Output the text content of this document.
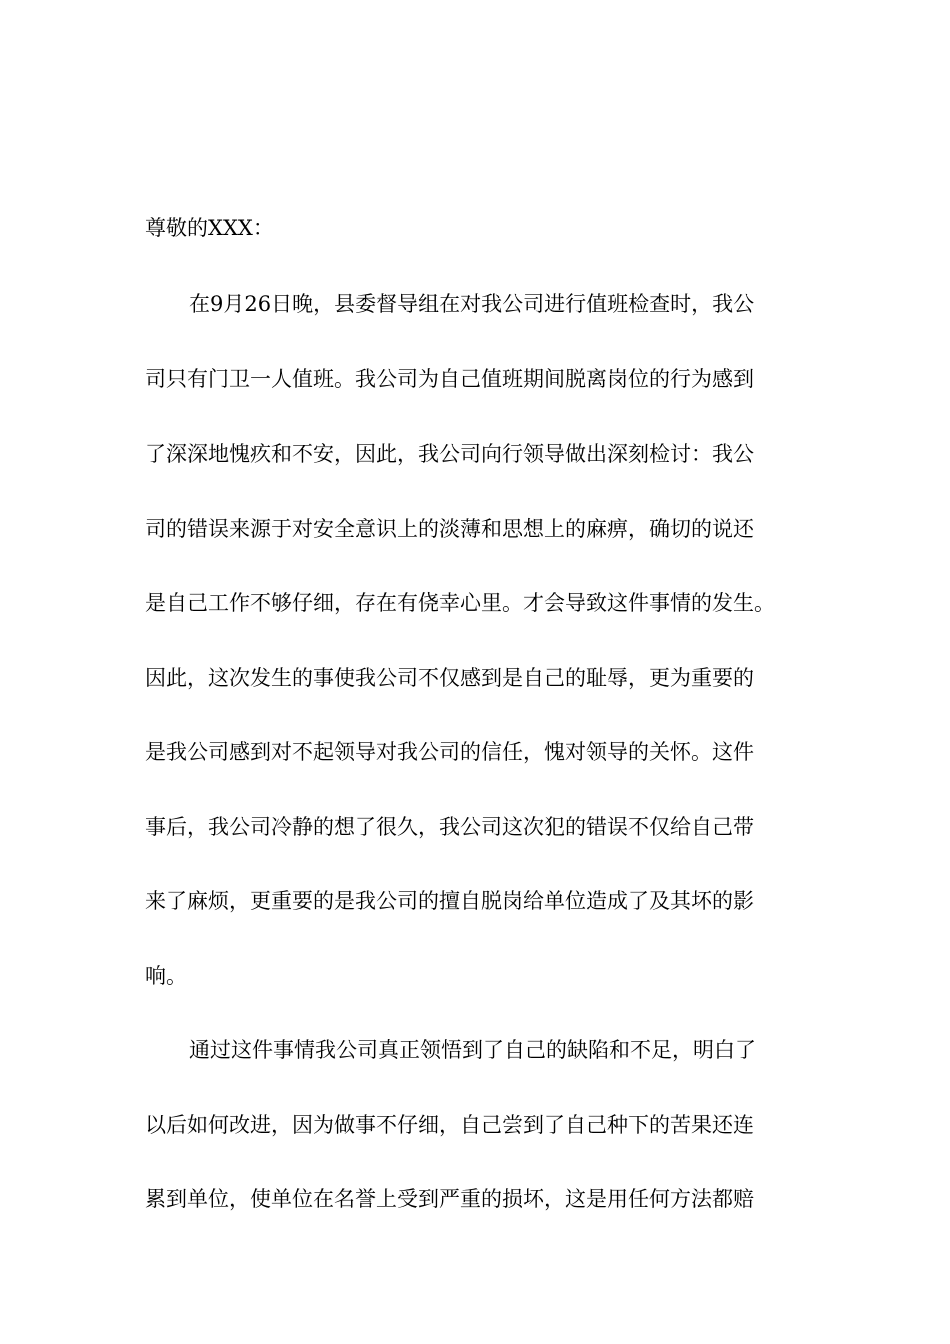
尊敬的XXX：
在9月26日晚，县委督导组在对我公司进行值班检查时，我公
司只有门卫一人值班。我公司为自己值班期间脱离岗位的行为感到
了深深地愧疚和不安，因此，我公司向行领导做出深刻检讨：我公
司的错误来源于对安全意识上的淡薄和思想上的麻痹，确切的说还
是自己工作不够仔细，存在有侥幸心里。才会导致这件事情的发生。
因此，这次发生的事使我公司不仅感到是自己的耻辱，更为重要的
是我公司感到对不起领导对我公司的信任，愧对领导的关怀。这件
事后，我公司冷静的想了很久，我公司这次犯的错误不仅给自己带
来了麻烦，更重要的是我公司的擅自脱岗给单位造成了及其坏的影
响。
通过这件事情我公司真正领悟到了自己的缺陷和不足，明白了
以后如何改进，因为做事不仔细，自己尝到了自己种下的苦果还连
累到单位，使单位在名誉上受到严重的损坏，这是用任何方法都赔
